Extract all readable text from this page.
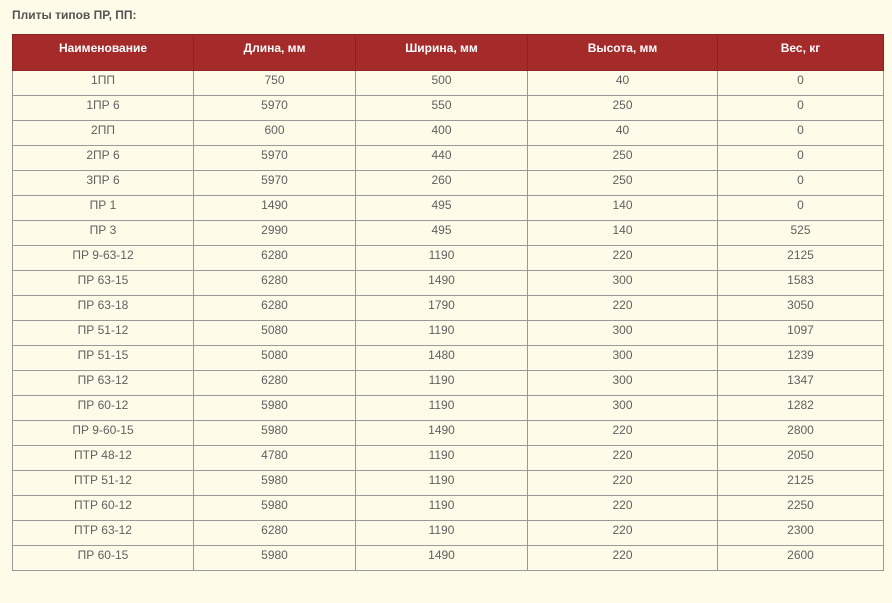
Плиты типов ПР, ПП:
Наименование	Длина, мм	Ширина, мм	Высота, мм	Вес, кг
1ПП	750	500	40	0
1ПР 6	5970	550	250	0
2ПП	600	400	40	0
2ПР 6	5970	440	250	0
3ПР 6	5970	260	250	0
ПР 1	1490	495	140	0
ПР 3	2990	495	140	525
ПР 9-63-12	6280	1190	220	2125
ПР 63-15	6280	1490	300	1583
ПР 63-18	6280	1790	220	3050
ПР 51-12	5080	1190	300	1097
ПР 51-15	5080	1480	300	1239
ПР 63-12	6280	1190	300	1347
ПР 60-12	5980	1190	300	1282
ПР 9-60-15	5980	1490	220	2800
ПТР 48-12	4780	1190	220	2050
ПТР 51-12	5980	1190	220	2125
ПТР 60-12	5980	1190	220	2250
ПТР 63-12	6280	1190	220	2300
ПР 60-15	5980	1490	220	2600
